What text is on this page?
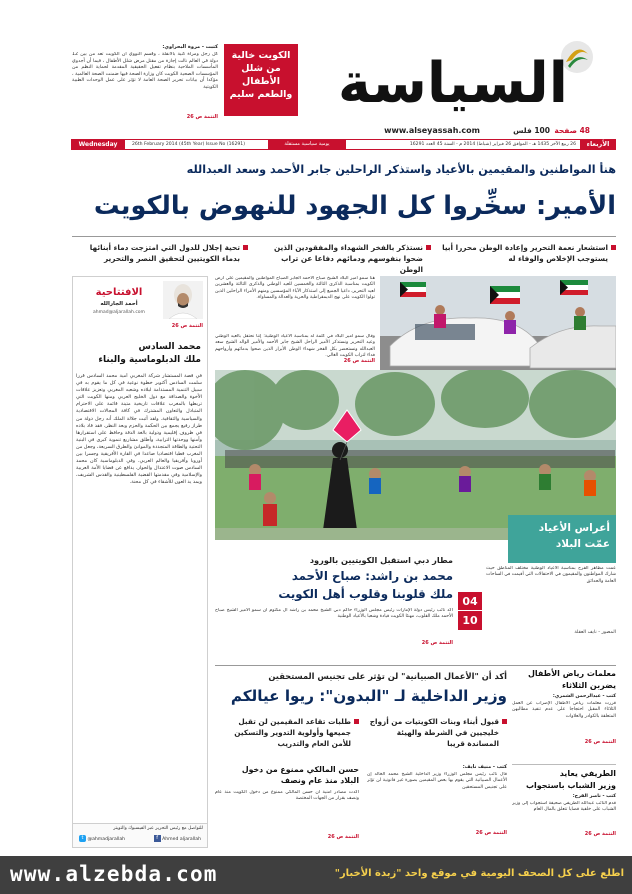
السياسة
كتبت - مروة البحراوي:
الكويت خالية
من شلل
الأطفال
والطعم سليم
كل رجل ومرأة كنية بالأنفلة ، وقسم النووي أن الكويت تعد من بين 12 دولة في العالم نالت إجازة من مقتل مرض شلل الأطفال ، فيما أن أجدوي المأسسات الملاحية بنظام تفعيل الحقيقية المقدمة لحماية النظم من المؤسسات الصحية الكويت كان وزارة الصحة فيها ضمنت الصحة العالمية ، مؤكدا أن بيانات تحرير الصحة العامة لا تؤثر على عمل الوحدات الطبية الكويتية
التتمة ص 26
48 صفحة
100 فلس
www.alseyassah.com
الأربعاء
26 ربيع الآخر 1435 هـ - الموافق 26 فبراير (شباط) 2014 م - السنة 45 العدد 16291
يومية سياسية مستقلة
26th February 2014 (45th Year) Issue No (16291)
Wednesday
هنأ المواطنين والمقيمين بالأعياد واستذكر الراحلين جابر الأحمد وسعد العبدالله
الأمير: سخِّروا كل الجهود للنهوض بالكويت
استشعار نعمة التحرير وإعادة الوطن محررا أبيا يستوجب الإخلاص والوفاء له
نستذكر بالفخر الشهداء والمفقودين الذين ضحوا بنفوسهم ودمائهم دفاعا عن تراب الوطن
تحية إجلال للدول التي امتزجت دماء أبنائها بدماء الكويتيين لتحقيق النصر والتحرير
الافتتاحية
أحمد الجارالله
ahmad@aljarallah.com
التتمة ص 26
محمد السادس
ملك الدبلوماسية والبناء
في قصة المستشار شركة المغربي أمية محمد السادس قررا سلمت السادس أكتوبر خطوة نوعية في كل ما يقوم به في سبيل التنمية المستدامة لبلاده وشعبه المغربي وتعزيز علاقات الأخوة والصداقة مع دول الخليج العربي ومنها الكويت التي تربطها بالمغرب علاقات تاريخية متينة قائمة على الاحترام المتبادل والتعاون المشترك في كافة المجالات الاقتصادية والسياسية والثقافية. ولقد أثبت جلالة الملك أنه رجل دولة من طراز رفيع يجمع بين الحكمة والحزم وبعد النظر، فقد قاد بلاده في ظروف إقليمية ودولية بالغة الدقة وحافظ على استقرارها وأمنها ووحدتها الترابية، وأطلق مشاريع تنموية كبرى في البنية التحتية والطاقة المتجددة والموانئ والطرق السريعة، وجعل من المغرب قطبا اقتصاديا صاعدا في القارة الأفريقية وجسرا بين أوروبا وأفريقيا والعالم العربي. وفي الدبلوماسية كان محمد السادس صوت الاعتدال والحوار، يدافع عن قضايا الأمة العربية والإسلامية وفي مقدمتها القضية الفلسطينية والقدس الشريف، ويمد يد العون للأشقاء في كل محنة.
للتواصل مع رئيس التحرير عبر الفيسبوك والتويتر
f Ahmed aljarallah
t @ahmadjarallah
هنأ سمو أمير البلاد الشيخ صباح الأحمد الجابر الصباح المواطنين والمقيمين على أرض الكويت بمناسبة الذكرى الثالثة والخمسين للعيد الوطني والذكرى الثالثة والعشرين لعيد التحرير، داعيا الجميع إلى استذكار الآباء المؤسسين ومنهم الأمراء الراحلين الذين تولوا الكويت على نهج الديمقراطية والحرية والعدالة والمساواة.
وقال سمو أمير البلاد في كلمة له بمناسبة الأعياد الوطنية: إننا نحتفل بالعيد الوطني وعيد التحرير ونستذكر الأمير الراحل الشيخ جابر الأحمد والأمير الوالد الشيخ سعد العبدالله ونستحضر بكل الفخر شهداء الوطن الأبرار الذين ضحوا بدمائهم وأرواحهم فداء لتراب الكويت الغالي.
التتمة ص 26
أعراس الأعياد
عمّت البلاد
مطار دبي استقبل الكويتيين بالورود
محمد بن راشد: صباح الأحمد
ملك قلوبنا وقلوب أهل الكويت
أكد نائب رئيس دولة الإمارات رئيس مجلس الوزراء حاكم دبي الشيخ محمد بن راشد آل مكتوم أن سمو الأمير الشيخ صباح الأحمد ملك القلوب، مهنئا الكويت قيادة وشعبا بالأعياد الوطنية
التتمة ص 26
04
10
عمت مظاهر الفرح بمناسبة الأعياد الوطنية مختلف المناطق حيث شارك المواطنون والمقيمون في الاحتفالات التي أقيمت في الساحات العامة والحدائق
المصور - نايف العقلة
أكد أن "الأعمال الصبيانية" لن تؤثر على تجنيس المستحقين
وزير الداخلية لـ "البدون": ريوا عيالكم
قبول أبناء وبنات الكويتيات من أزواج خليجيين في الشرطة والهيئة المساندة قريبا
طلبات تقاعد المقيمين لن تقبل جميعها وأولوية التدوير والتسكين للأمن العام والتدريب
حسن المالكي ممنوع من دخول
البلاد منذ عام ونصف
أكدت مصادر أمنية أن حسن المالكي ممنوع من دخول الكويت منذ عام ونصف بقرار من الجهات المختصة
التتمة ص 26
كتب - منيف نايف:
قال نائب رئيس مجلس الوزراء وزير الداخلية الشيخ محمد الخالد إن الأعمال الصبيانية التي يقوم بها بعض المقيمين بصورة غير قانونية لن تؤثر على تجنيس المستحقين
التتمة ص 26
معلمات رياض الأطفال
يضربن الثلاثاء
كتب - عبدالرحمن الشمري:
قررت معلمات رياض الأطفال الإضراب عن العمل الثلاثاء المقبل احتجاجا على عدم تنفيذ مطالبهن المتعلقة بالكوادر والعلاوات
التتمة ص 26
الطريفي يعايد
وزير الشباب باستجواب
كتب - ناصر الفرح:
قدم النائب عبدالله الطريفي صحيفة استجواب إلى وزير الشباب على خلفية قضايا تتعلق بالمال العام
التتمة ص 26
www.alzebda.com	اطلع على كل الصحف اليومية في موقع واحد "زبدة الأخبار"
